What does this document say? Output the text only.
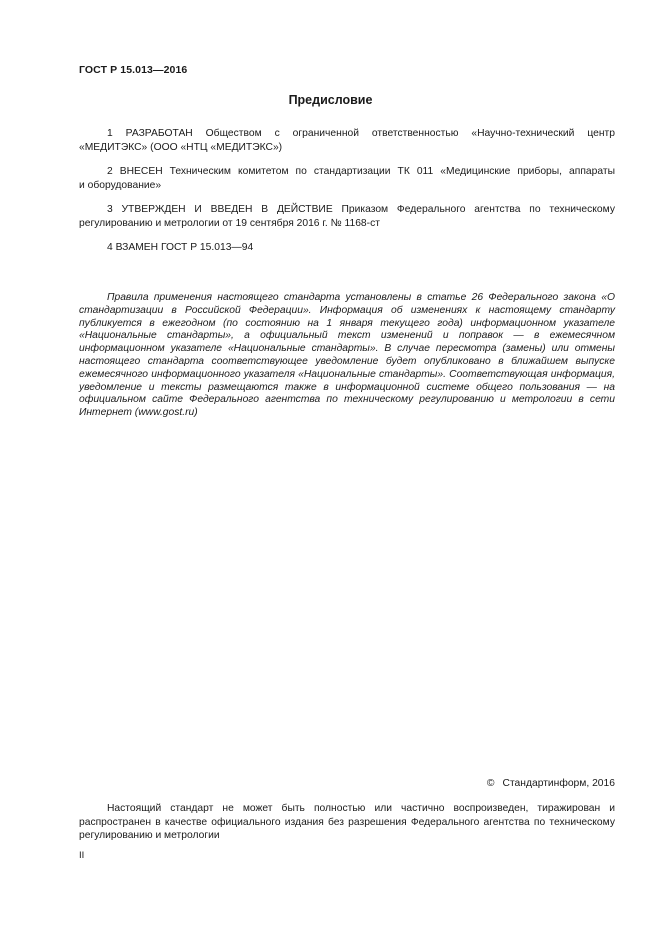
ГОСТ Р 15.013—2016
Предисловие
1 РАЗРАБОТАН Обществом с ограниченной ответственностью «Научно-технический центр
«МЕДИТЭКС» (ООО «НТЦ «МЕДИТЭКС»)
2 ВНЕСЕН Техническим комитетом по стандартизации ТК 011 «Медицинские приборы, аппараты
и оборудование»
3 УТВЕРЖДЕН И ВВЕДЕН В ДЕЙСТВИЕ Приказом Федерального агентства по техническому
регулированию и метрологии от 19 сентября 2016 г. № 1168-ст
4 ВЗАМЕН ГОСТ Р 15.013—94
Правила применения настоящего стандарта установлены в статье 26 Федерального закона «О стандартизации в Российской Федерации». Информация об изменениях к настоящему стандарту публикуется в ежегодном (по состоянию на 1 января текущего года) информационном указателе «Национальные стандарты», а официальный текст изменений и поправок — в ежемесячном информационном указателе «Национальные стандарты». В случае пересмотра (замены) или отмены настоящего стандарта соответствующее уведомление будет опубликовано в ближайшем выпуске ежемесячного информационного указателя «Национальные стандарты». Соответствующая информация, уведомление и тексты размещаются также в информационной системе общего пользования — на официальном сайте Федерального агентства по техническому регулированию и метрологии в сети Интернет (www.gost.ru)
© Стандартинформ, 2016
Настоящий стандарт не может быть полностью или частично воспроизведен, тиражирован и распространен в качестве официального издания без разрешения Федерального агентства по техническому регулированию и метрологии
II
